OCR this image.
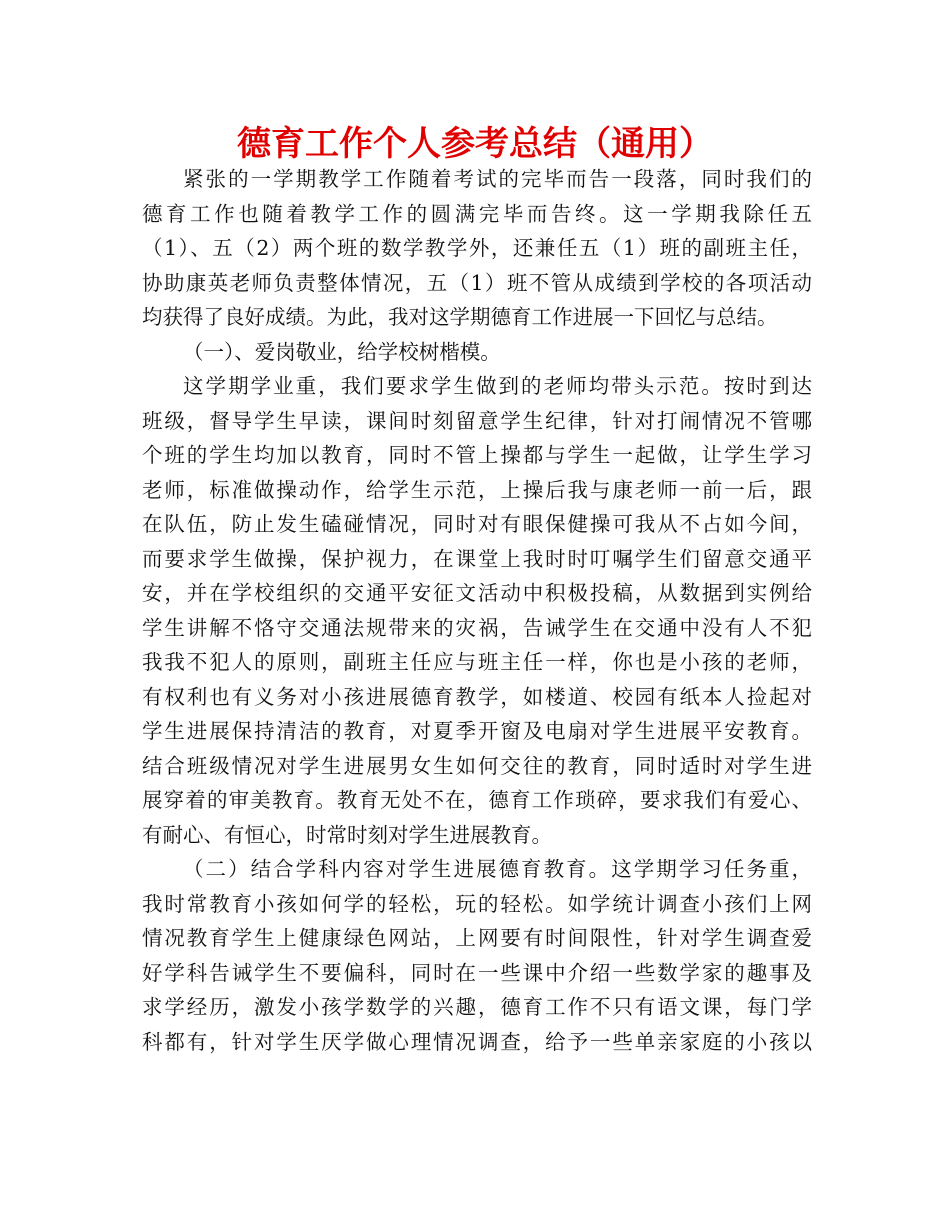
德育工作个人参考总结（通用）
紧张的一学期教学工作随着考试的完毕而告一段落，同时我们的
德育工作也随着教学工作的圆满完毕而告终。这一学期我除任五
（1）、五（2）两个班的数学教学外，还兼任五（1）班的副班主任，
协助康英老师负责整体情况，五（1）班不管从成绩到学校的各项活动
均获得了良好成绩。为此，我对这学期德育工作进展一下回忆与总结。
（一）、爱岗敬业，给学校树楷模。
这学期学业重，我们要求学生做到的老师均带头示范。按时到达
班级，督导学生早读，课间时刻留意学生纪律，针对打闹情况不管哪
个班的学生均加以教育，同时不管上操都与学生一起做，让学生学习
老师，标准做操动作，给学生示范，上操后我与康老师一前一后，跟
在队伍，防止发生磕碰情况，同时对有眼保健操可我从不占如今间，
而要求学生做操，保护视力，在课堂上我时时叮嘱学生们留意交通平
安，并在学校组织的交通平安征文活动中积极投稿，从数据到实例给
学生讲解不恪守交通法规带来的灾祸，告诫学生在交通中没有人不犯
我我不犯人的原则，副班主任应与班主任一样，你也是小孩的老师，
有权利也有义务对小孩进展德育教学，如楼道、校园有纸本人捡起对
学生进展保持清洁的教育，对夏季开窗及电扇对学生进展平安教育。
结合班级情况对学生进展男女生如何交往的教育，同时适时对学生进
展穿着的审美教育。教育无处不在，德育工作琐碎，要求我们有爱心、
有耐心、有恒心，时常时刻对学生进展教育。
（二）结合学科内容对学生进展德育教育。这学期学习任务重，
我时常教育小孩如何学的轻松，玩的轻松。如学统计调查小孩们上网
情况教育学生上健康绿色网站，上网要有时间限性，针对学生调查爱
好学科告诫学生不要偏科，同时在一些课中介绍一些数学家的趣事及
求学经历，激发小孩学数学的兴趣，德育工作不只有语文课，每门学
科都有，针对学生厌学做心理情况调查，给予一些单亲家庭的小孩以
